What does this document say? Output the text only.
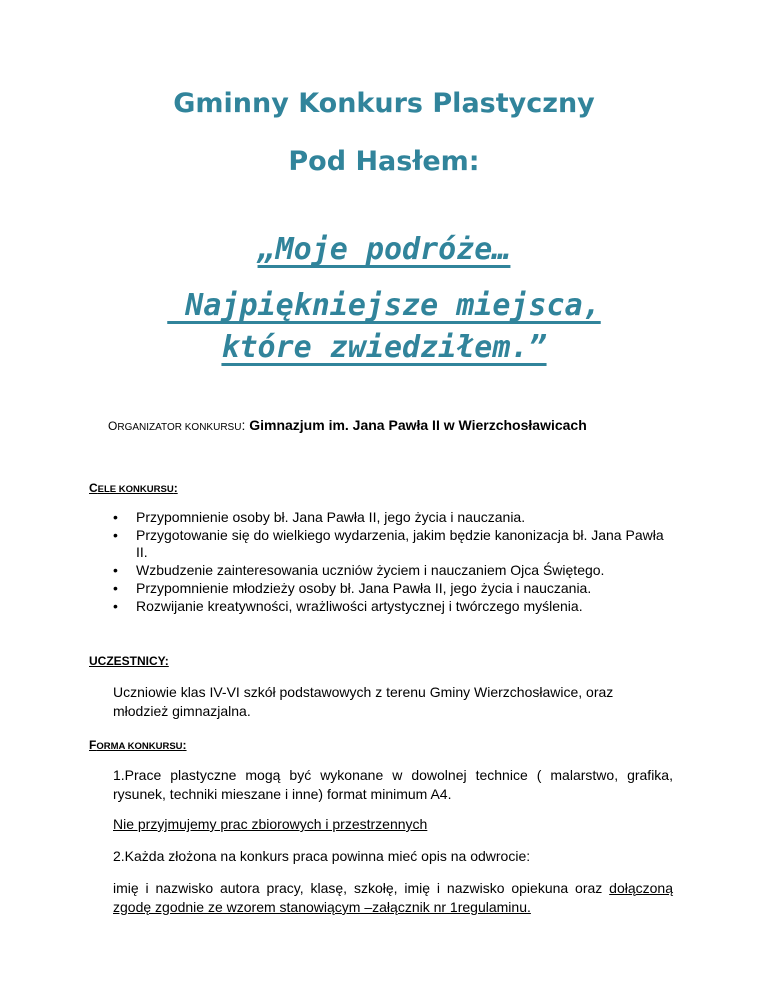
Gminny Konkurs Plastyczny
Pod Hasłem:
„Moje podróże…
Najpiękniejsze miejsca,
które zwiedziłem.”
ORGANIZATOR KONKURSU: Gimnazjum im. Jana Pawła II w Wierzchosławicach
CELE KONKURSU:
• Przypomnienie osoby bł. Jana Pawła II, jego życia i nauczania.
• Przygotowanie się do wielkiego wydarzenia, jakim będzie kanonizacja bł. Jana Pawła II.
• Wzbudzenie zainteresowania uczniów życiem i nauczaniem Ojca Świętego.
• Przypomnienie młodzieży osoby bł. Jana Pawła II, jego życia i nauczania.
• Rozwijanie kreatywności, wrażliwości artystycznej i twórczego myślenia.
UCZESTNICY:

Uczniowie klas IV-VI szkół podstawowych z terenu Gminy Wierzchosławice, oraz młodzież gimnazjalna.

FORMA KONKURSU:

1.Prace plastyczne mogą być wykonane w dowolnej technice ( malarstwo, grafika, rysunek, techniki mieszane i inne) format minimum A4.

Nie przyjmujemy prac zbiorowych i przestrzennych

2.Każda złożona na konkurs praca powinna mieć opis na odwrocie:

imię i nazwisko autora pracy, klasę, szkołę, imię i nazwisko opiekuna oraz dołączoną zgodę zgodnie ze wzorem stanowiącym –załącznik nr 1regulaminu.
